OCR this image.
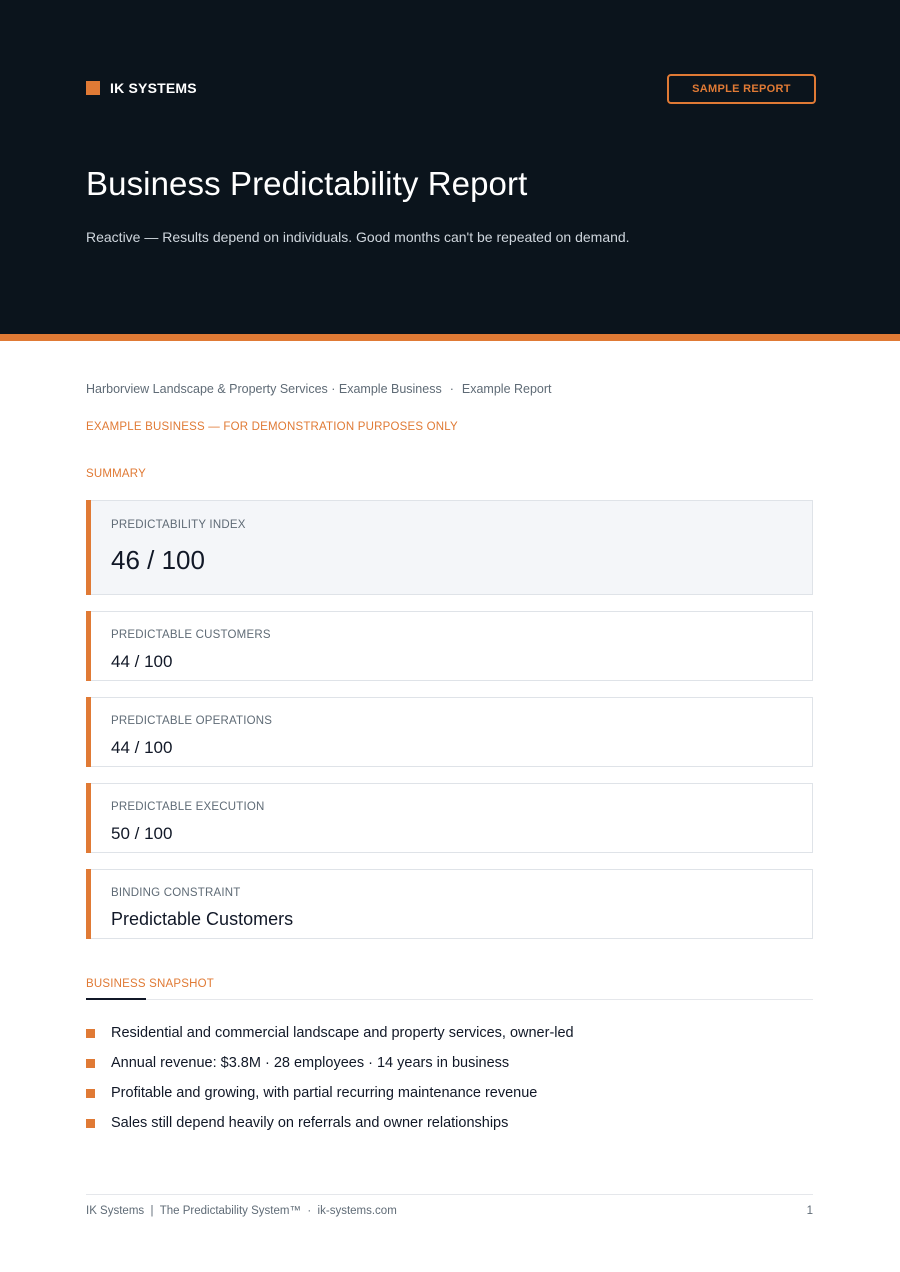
IK SYSTEMS	SAMPLE REPORT
Business Predictability Report

Reactive — Results depend on individuals. Good months can't be repeated on demand.

Harborview Landscape & Property Services · Example Business · Example Report
EXAMPLE BUSINESS — FOR DEMONSTRATION PURPOSES ONLY
SUMMARY
PREDICTABILITY INDEX
46 / 100
PREDICTABLE CUSTOMERS
44 / 100
PREDICTABLE OPERATIONS
44 / 100
PREDICTABLE EXECUTION
50 / 100
BINDING CONSTRAINT
Predictable Customers
BUSINESS SNAPSHOT
Residential and commercial landscape and property services, owner-led
Annual revenue: $3.8M · 28 employees · 14 years in business
Profitable and growing, with partial recurring maintenance revenue
Sales still depend heavily on referrals and owner relationships
IK Systems  |  The Predictability System™  ·  ik-systems.com	1
